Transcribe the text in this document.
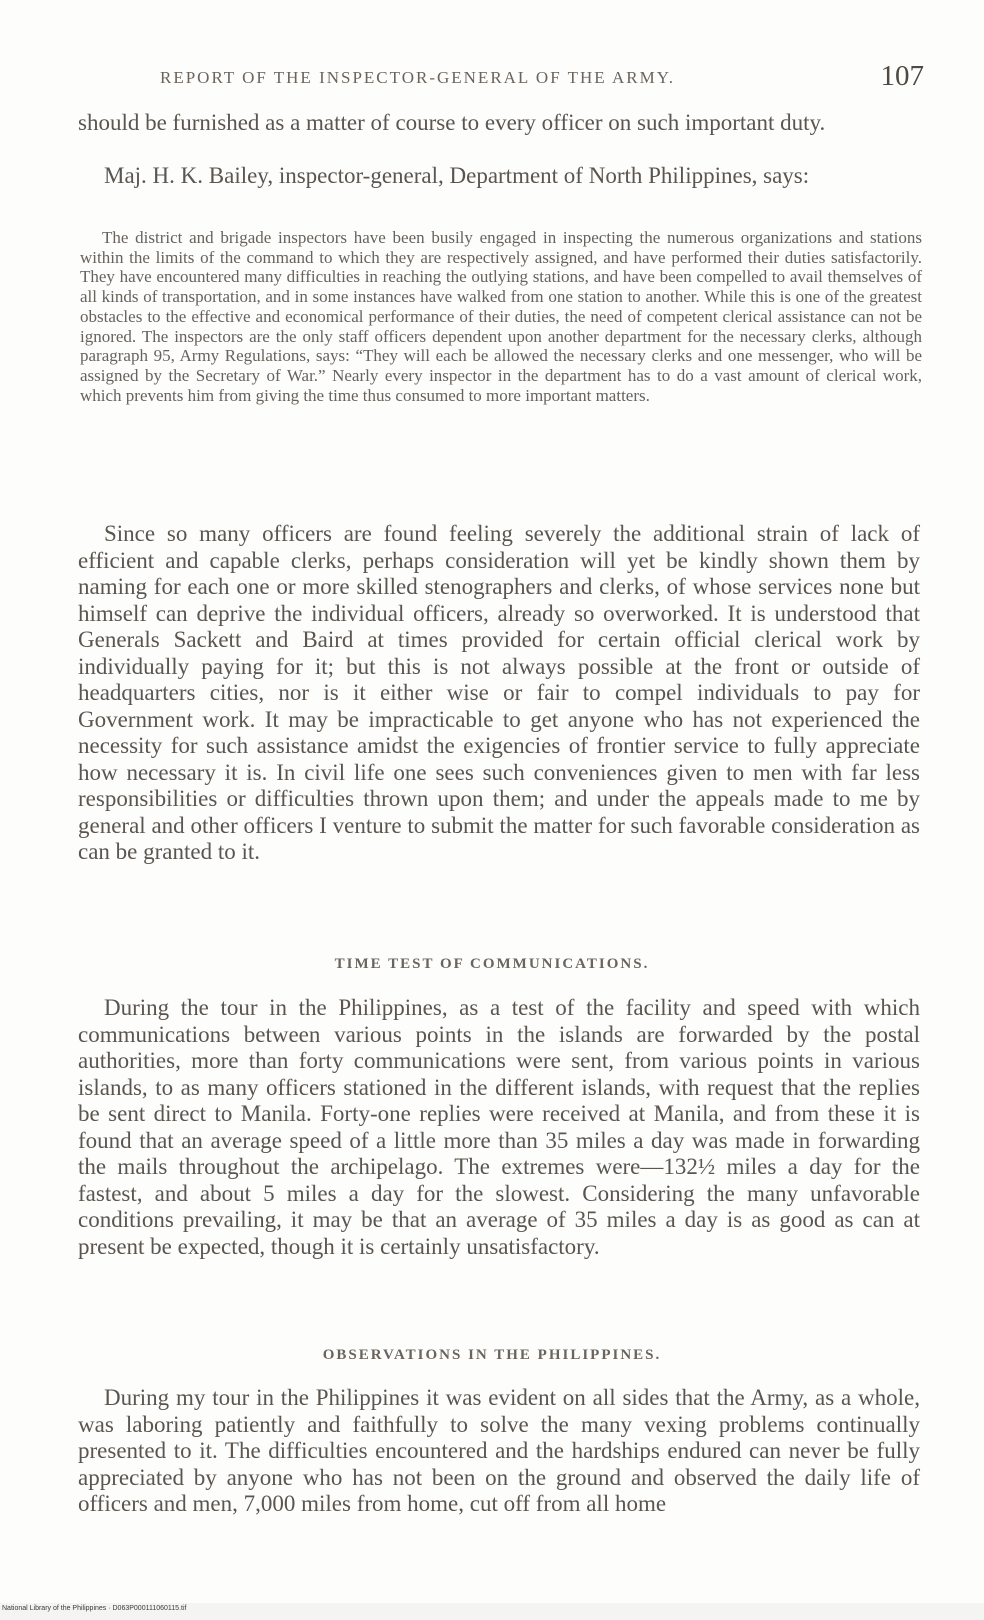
REPORT OF THE INSPECTOR-GENERAL OF THE ARMY.	107

should be furnished as a matter of course to every officer on such important duty.

Maj. H. K. Bailey, inspector-general, Department of North Philippines, says:

The district and brigade inspectors have been busily engaged in inspecting the numerous organizations and stations within the limits of the command to which they are respectively assigned, and have performed their duties satisfactorily. They have encountered many difficulties in reaching the outlying stations, and have been compelled to avail themselves of all kinds of transportation, and in some instances have walked from one station to another. While this is one of the greatest obstacles to the effective and economical performance of their duties, the need of competent clerical assistance can not be ignored. The inspectors are the only staff officers dependent upon another department for the necessary clerks, although paragraph 95, Army Regulations, says: “They will each be allowed the necessary clerks and one messenger, who will be assigned by the Secretary of War.” Nearly every inspector in the department has to do a vast amount of clerical work, which prevents him from giving the time thus consumed to more important matters.

Since so many officers are found feeling severely the additional strain of lack of efficient and capable clerks, perhaps consideration will yet be kindly shown them by naming for each one or more skilled stenographers and clerks, of whose services none but himself can deprive the individual officers, already so overworked. It is understood that Generals Sackett and Baird at times provided for certain official clerical work by individually paying for it; but this is not always possible at the front or outside of headquarters cities, nor is it either wise or fair to compel individuals to pay for Government work. It may be impracticable to get anyone who has not experienced the necessity for such assistance amidst the exigencies of frontier service to fully appreciate how necessary it is. In civil life one sees such conveniences given to men with far less responsibilities or difficulties thrown upon them; and under the appeals made to me by general and other officers I venture to submit the matter for such favorable consideration as can be granted to it.

TIME TEST OF COMMUNICATIONS.

During the tour in the Philippines, as a test of the facility and speed with which communications between various points in the islands are forwarded by the postal authorities, more than forty communications were sent, from various points in various islands, to as many officers stationed in the different islands, with request that the replies be sent direct to Manila. Forty-one replies were received at Manila, and from these it is found that an average speed of a little more than 35 miles a day was made in forwarding the mails throughout the archipelago. The extremes were—132½ miles a day for the fastest, and about 5 miles a day for the slowest. Considering the many unfavorable conditions prevailing, it may be that an average of 35 miles a day is as good as can at present be expected, though it is certainly unsatisfactory.

OBSERVATIONS IN THE PHILIPPINES.

During my tour in the Philippines it was evident on all sides that the Army, as a whole, was laboring patiently and faithfully to solve the many vexing problems continually presented to it. The difficulties encountered and the hardships endured can never be fully appreciated by anyone who has not been on the ground and observed the daily life of officers and men, 7,000 miles from home, cut off from all home

National Library of the Philippines · D063P000111060115.tif
